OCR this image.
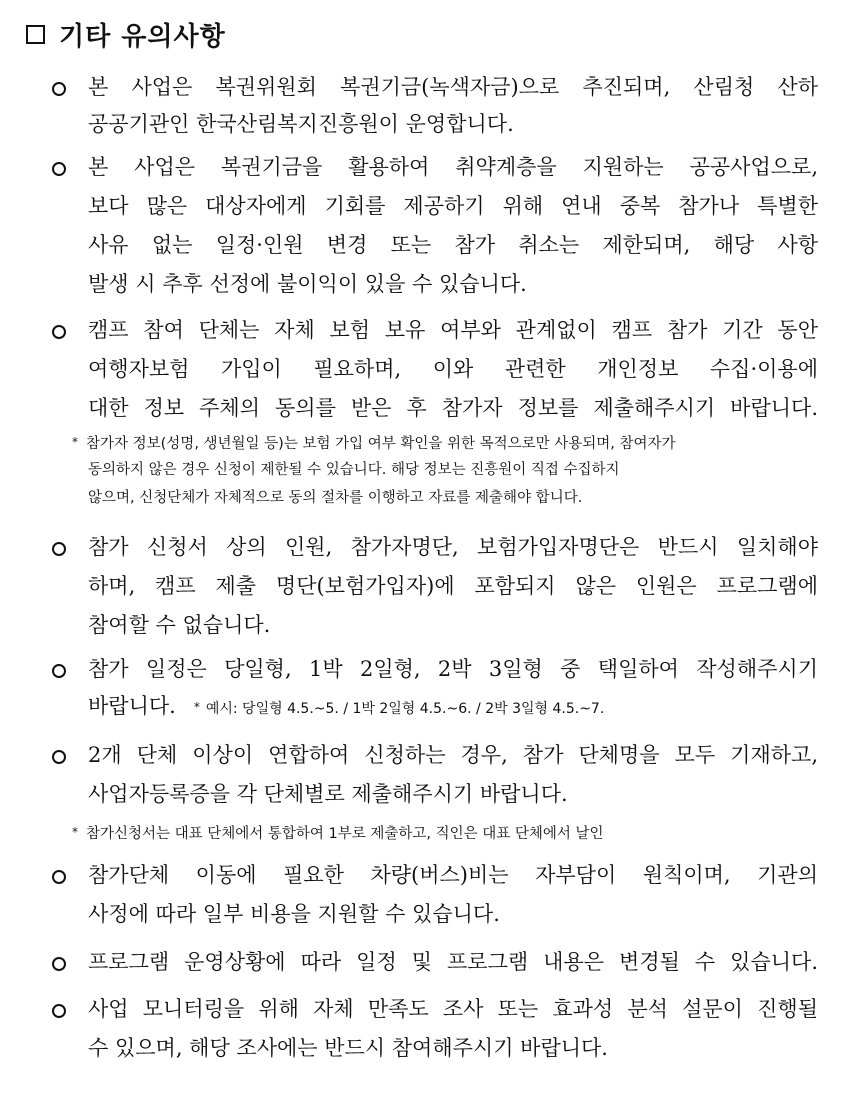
기타 유의사항
본 사업은 복권위원회 복권기금(녹색자금)으로 추진되며, 산림청 산하
공공기관인 한국산림복지진흥원이 운영합니다.
본 사업은 복권기금을 활용하여 취약계층을 지원하는 공공사업으로,
보다 많은 대상자에게 기회를 제공하기 위해 연내 중복 참가나 특별한
사유 없는 일정·인원 변경 또는 참가 취소는 제한되며, 해당 사항
발생 시 추후 선정에 불이익이 있을 수 있습니다.
캠프 참여 단체는 자체 보험 보유 여부와 관계없이 캠프 참가 기간 동안
여행자보험 가입이 필요하며, 이와 관련한 개인정보 수집·이용에
대한 정보 주체의 동의를 받은 후 참가자 정보를 제출해주시기 바랍니다.
* 참가자 정보(성명, 생년월일 등)는 보험 가입 여부 확인을 위한 목적으로만 사용되며, 참여자가
동의하지 않은 경우 신청이 제한될 수 있습니다. 해당 정보는 진흥원이 직접 수집하지
않으며, 신청단체가 자체적으로 동의 절차를 이행하고 자료를 제출해야 합니다.
참가 신청서 상의 인원, 참가자명단, 보험가입자명단은 반드시 일치해야
하며, 캠프 제출 명단(보험가입자)에 포함되지 않은 인원은 프로그램에
참여할 수 없습니다.
참가 일정은 당일형, 1박 2일형, 2박 3일형 중 택일하여 작성해주시기
바랍니다. * 예시: 당일형 4.5.~5. / 1박 2일형 4.5.~6. / 2박 3일형 4.5.~7.
2개 단체 이상이 연합하여 신청하는 경우, 참가 단체명을 모두 기재하고,
사업자등록증을 각 단체별로 제출해주시기 바랍니다.
* 참가신청서는 대표 단체에서 통합하여 1부로 제출하고, 직인은 대표 단체에서 날인
참가단체 이동에 필요한 차량(버스)비는 자부담이 원칙이며, 기관의
사정에 따라 일부 비용을 지원할 수 있습니다.
프로그램 운영상황에 따라 일정 및 프로그램 내용은 변경될 수 있습니다.
사업 모니터링을 위해 자체 만족도 조사 또는 효과성 분석 설문이 진행될
수 있으며, 해당 조사에는 반드시 참여해주시기 바랍니다.
